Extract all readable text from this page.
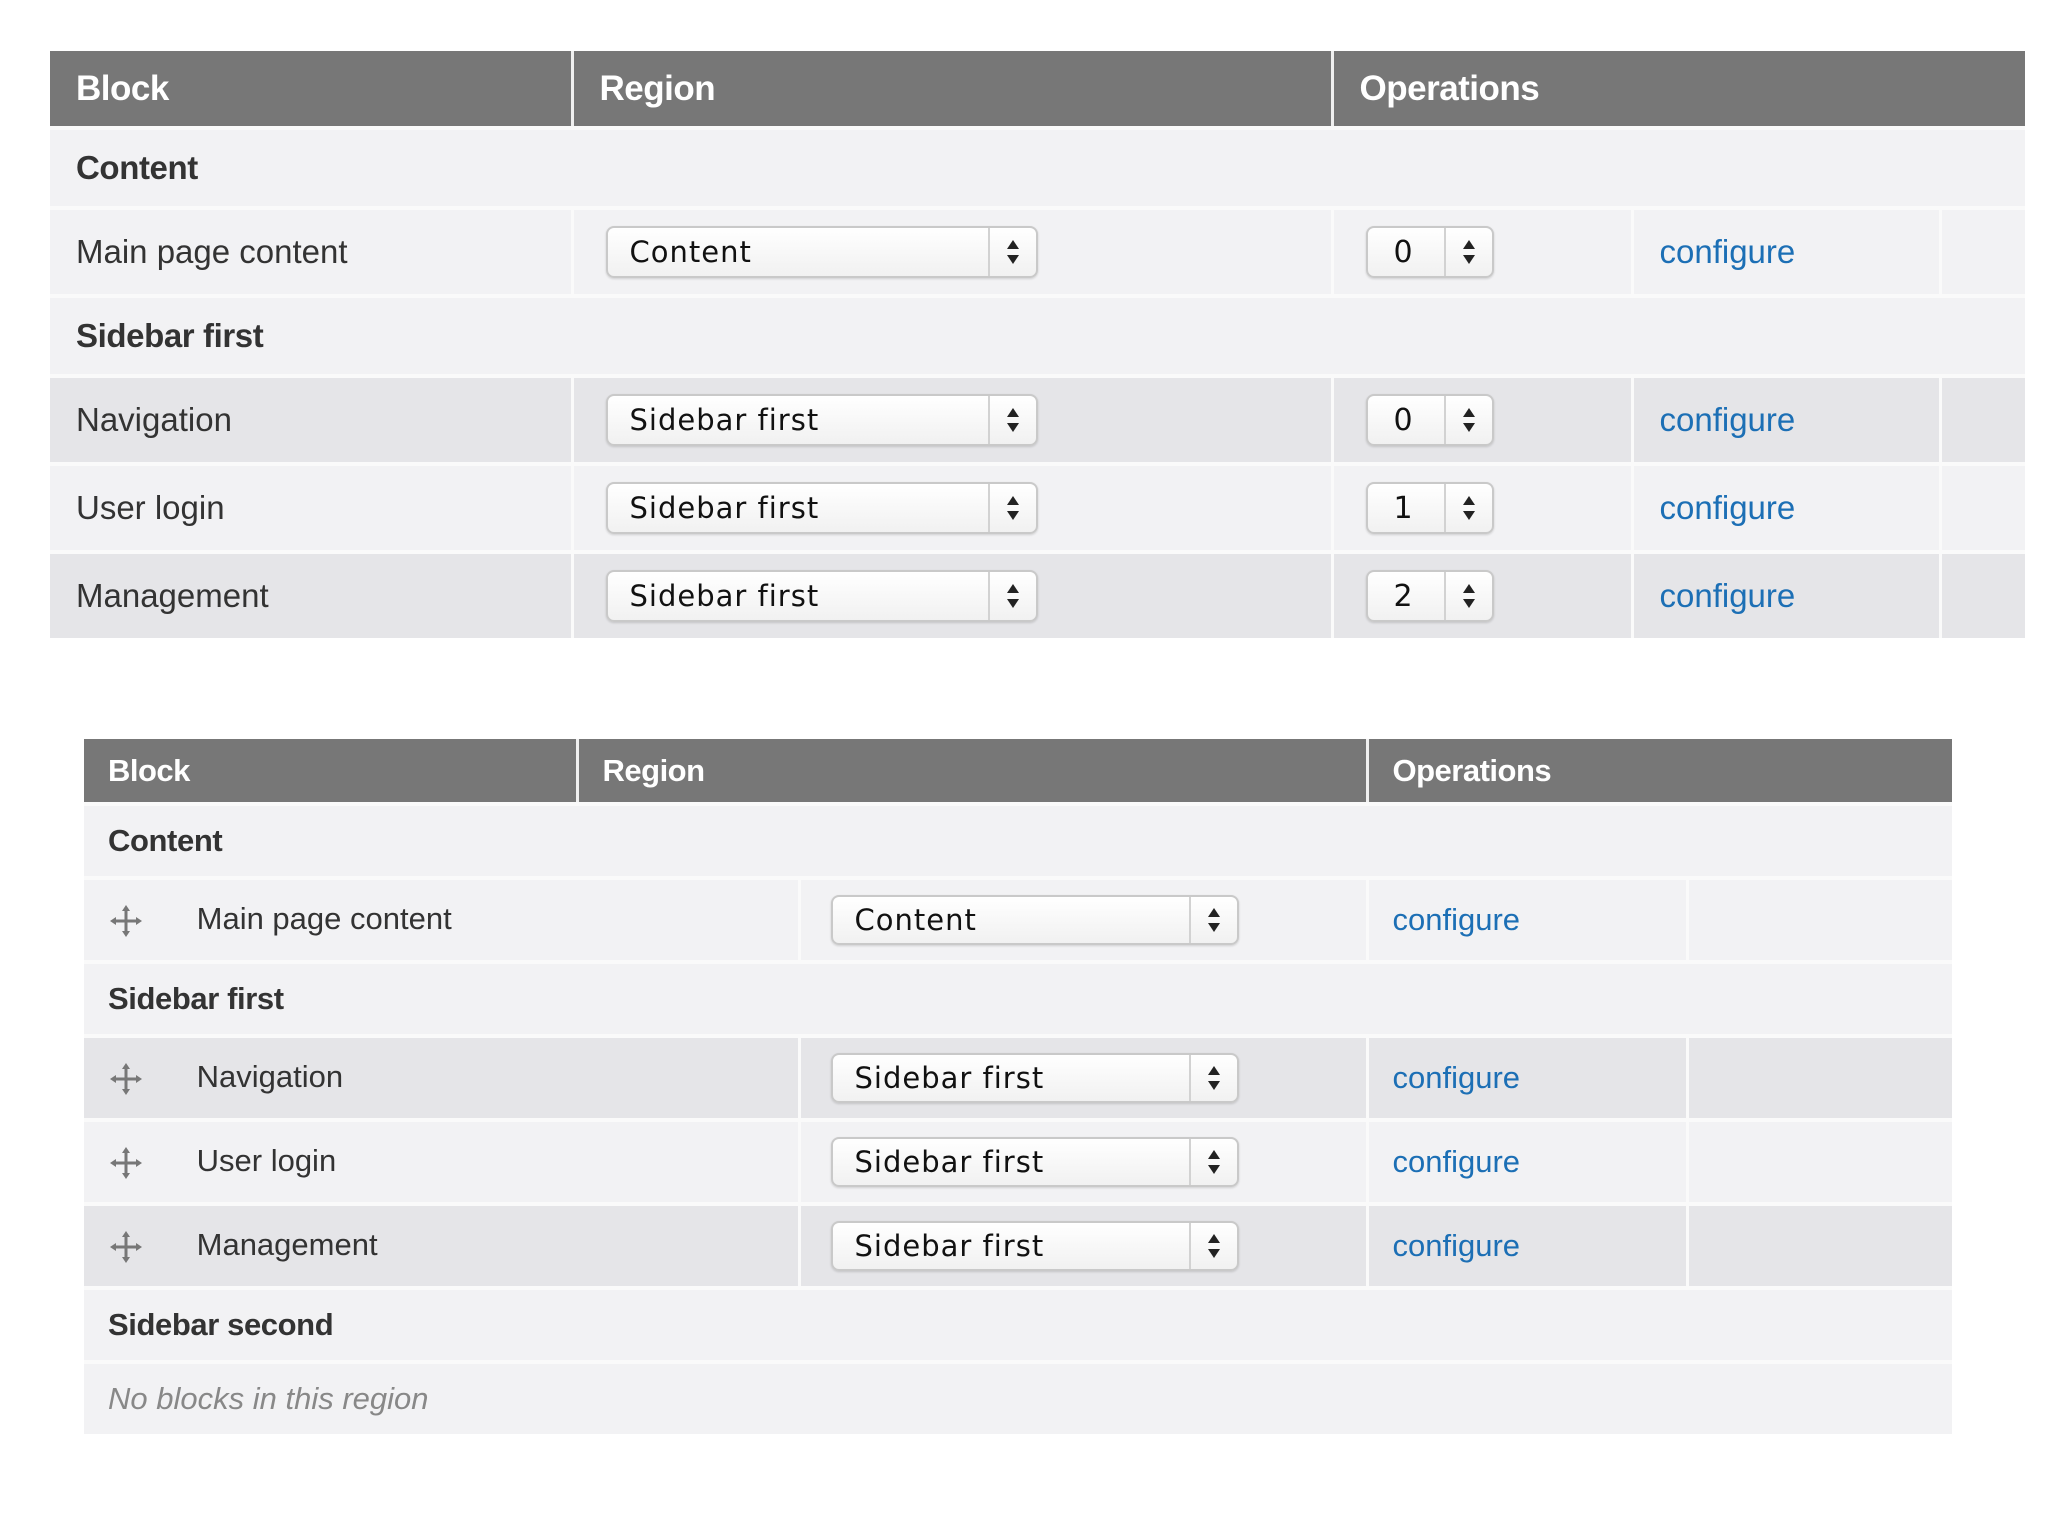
Block	Region	Operations		
Content				
Main page content	Content	0	configure	
Sidebar first				
Navigation	Sidebar first	0	configure	
User login	Sidebar first	1	configure	
Management	Sidebar first	2	configure	
Block	Region		Operations	
Content				

Main page content		Content	configure	
Sidebar first				

Navigation		Sidebar first	configure	

User login		Sidebar first	configure	

Management		Sidebar first	configure	
Sidebar second				
No blocks in this region				
